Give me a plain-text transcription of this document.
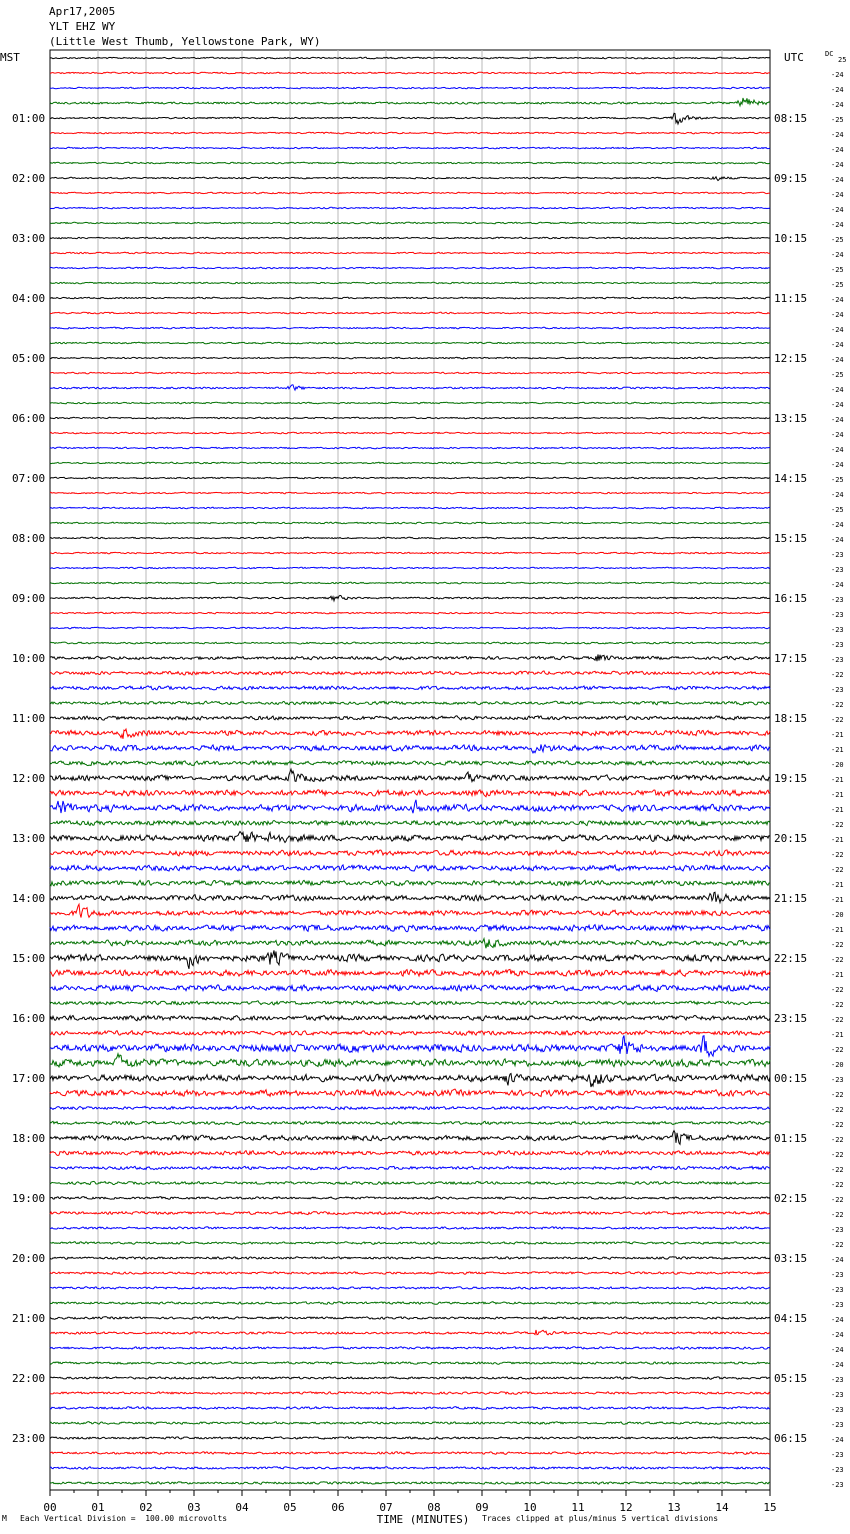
Apr17,2005
YLT EHZ WY
(Little West Thumb, Yellowstone Park, WY)
MST	UTC	DC
25
-24
-24
-24
-25
-24
-24
-24
-24
-24
-24
-24
-25
-24
-25
-25
-24
-24
-24
-24
-24
-25
-24
-24
-24
-24
-24
-24
-25
-24
-25
-24
-24
-23
-23
-24
-23
-23
-23
-23
-23
-22
-23
-22
-22
-21
-21
-20
-21
-21
-21
-22
-21
-22
-22
-21
-21
-20
-21
-22
-22
-21
-22
-22
-22
-21
-22
-20
-23
-22
-22
-22
-22
-22
-22
-22
-22
-22
-23
-22
-24
-23
-23
-23
-24
-24
-24
-24
-23
-23
-23
-23
-24
-23
-23
-23
01:00
02:00
03:00
04:00
05:00
06:00
07:00
08:00
09:00
10:00
11:00
12:00
13:00
14:00
15:00
16:00
17:00
18:00
19:00
20:00
21:00
22:00
23:00
08:15
09:15
10:15
11:15
12:15
13:15
14:15
15:15
16:15
17:15
18:15
19:15
20:15
21:15
22:15
23:15
00:15
01:15
02:15
03:15
04:15
05:15
06:15
00	01	02	03	04	05	06	07	08	09	10	11	12	13	14	15
TIME (MINUTES)
M Each Vertical Division =  100.00 microvolts	Traces clipped at plus/minus 5 vertical divisions
